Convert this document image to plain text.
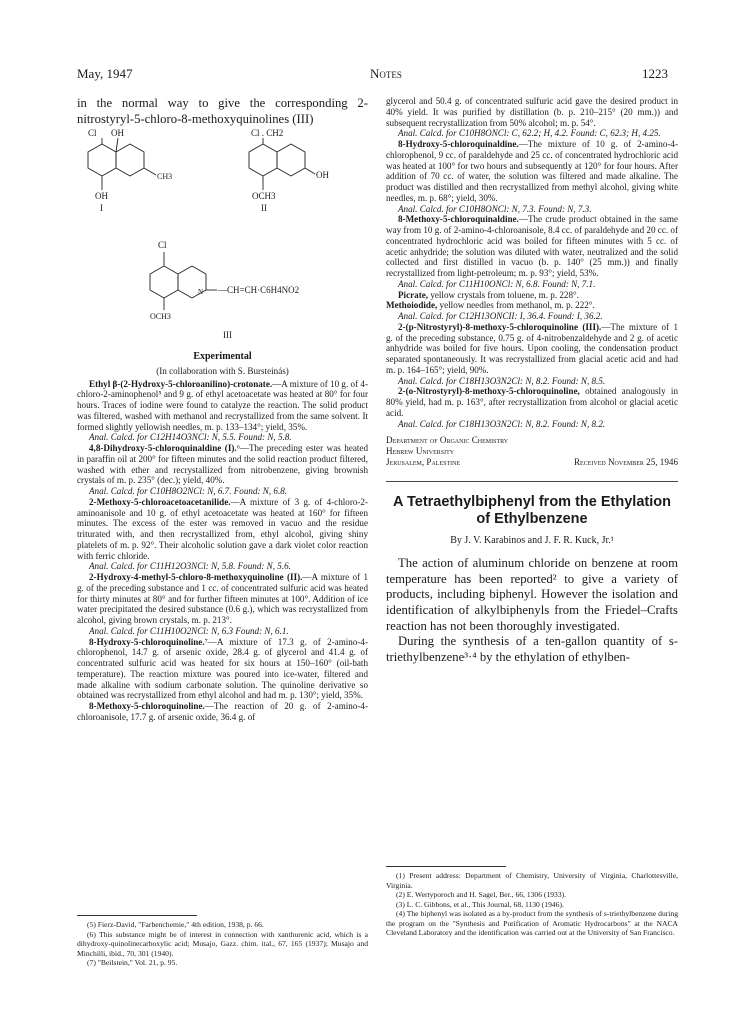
May, 1947	Notes	1223

in the normal way to give the corresponding 2-nitrostyryl-5-chloro-8-methoxyquinolines (III)

Cl OH
CH3
OH
I
Cl . CH2
OH
OCH3
II
Cl
N —CH=CH·C6H4NO2
OCH3
III

Experimental

(In collaboration with S. Bursteinás)

Ethyl β-(2-Hydroxy-5-chloroanilino)-crotonate.—A mixture of 10 g. of 4-chloro-2-aminophenol⁵ and 9 g. of ethyl acetoacetate was heated at 80° for four hours. Traces of iodine were found to catalyze the reaction. The solid product was filtered, washed with methanol and recrystallized from the same solvent. It formed slightly yellowish needles, m. p. 133–134°; yield, 35%.

Anal. Calcd. for C12H14O3NCl: N, 5.5. Found: N, 5.8.

4,8-Dihydroxy-5-chloroquinaldine (I).⁶—The preceding ester was heated in paraffin oil at 200° for fifteen minutes and the solid reaction product filtered, washed with ether and recrystallized from nitrobenzene, giving brownish crystals of m. p. 235° (dec.); yield, 40%.

Anal. Calcd. for C10H8O2NCl: N, 6.7. Found: N, 6.8.

2-Methoxy-5-chloroacetoacetanilide.—A mixture of 3 g. of 4-chloro-2-aminoanisole and 10 g. of ethyl acetoacetate was heated at 160° for fifteen minutes. The excess of the ester was removed in vacuo and the residue triturated with, and then recrystallized from, ethyl alcohol, giving shiny platelets of m. p. 92°. Their alcoholic solution gave a dark violet color reaction with ferric chloride.

Anal. Calcd. for C11H12O3NCl: N, 5.8. Found: N, 5.6.

2-Hydroxy-4-methyl-5-chloro-8-methoxyquinoline (II).—A mixture of 1 g. of the preceding substance and 1 cc. of concentrated sulfuric acid was heated for thirty minutes at 80° and for further fifteen minutes at 100°. Addition of ice water precipitated the desired substance (0.6 g.), which was recrystallized from alcohol, giving brown crystals, m. p. 213°.

Anal. Calcd. for C11H10O2NCl: N, 6.3 Found: N, 6.1.

8-Hydroxy-5-chloroquinoline.⁷—A mixture of 17.3 g. of 2-amino-4-chlorophenol, 14.7 g. of arsenic oxide, 28.4 g. of glycerol and 41.4 g. of concentrated sulfuric acid was heated for six hours at 150–160° (oil-bath temperature). The reaction mixture was poured into ice-water, filtered and made alkaline with sodium carbonate solution. The quinoline derivative so obtained was recrystallized from ethyl alcohol and had m. p. 130°; yield, 35%.

8-Methoxy-5-chloroquinoline.—The reaction of 20 g. of 2-amino-4-chloroanisole, 17.7 g. of arsenic oxide, 36.4 g. of

(5) Fierz-David, "Farbenchemie," 4th edition, 1938, p. 66.

(6) This substance might be of interest in connection with xanthurenic acid, which is a dihydroxy-quinolinecarboxylic acid; Musajo, Gazz. chim. ital., 67, 165 (1937); Musajo and Minchilli, ibid., 70, 301 (1940).

(7) "Beilstein," Vol. 21, p. 95.

glycerol and 50.4 g. of concentrated sulfuric acid gave the desired product in 40% yield. It was purified by distillation (b. p. 210–215° (20 mm.)) and subsequent recrystallization from 50% alcohol; m. p. 54°.

Anal. Calcd. for C10H8ONCl: C, 62.2; H, 4.2. Found: C, 62.3; H, 4.25.

8-Hydroxy-5-chloroquinaldine.—The mixture of 10 g. of 2-amino-4-chlorophenol, 9 cc. of paraldehyde and 25 cc. of concentrated hydrochloric acid was heated at 100° for two hours and subsequently at 120° for four hours. After addition of 70 cc. of water, the solution was filtered and made alkaline. The product was distilled and then recrystallized from methyl alcohol, giving white needles, m. p. 68°; yield, 30%.

Anal. Calcd. for C10H8ONCl: N, 7.3. Found: N, 7.3.

8-Methoxy-5-chloroquinaldine.—The crude product obtained in the same way from 10 g. of 2-amino-4-chloroanisole, 8.4 cc. of paraldehyde and 20 cc. of concentrated hydrochloric acid was boiled for fifteen minutes with 5 cc. of acetic anhydride; the solution was diluted with water, neutralized and the solid collected and first distilled in vacuo (b. p. 140° (25 mm.)) and finally recrystallized from light-petroleum; m. p. 93°; yield, 53%.

Anal. Calcd. for C11H10ONCl: N, 6.8. Found: N, 7.1.

Picrate, yellow crystals from toluene, m. p. 228°.

Methoiodide, yellow needles from methanol, m. p. 222°.

Anal. Calcd. for C12H13ONCII: I, 36.4. Found: I, 36.2.

2-(p-Nitrostyryl)-8-methoxy-5-chloroquinoline (III).—The mixture of 1 g. of the preceding substance, 0.75 g. of 4-nitrobenzaldehyde and 2 g. of acetic anhydride was boiled for five hours. Upon cooling, the condensation product separated spontaneously. It was recrystallized from glacial acetic acid and had m. p. 164–165°; yield, 90%.

Anal. Calcd. for C18H13O3N2Cl: N, 8.2. Found: N, 8.5.

2-(o-Nitrostyryl)-8-methoxy-5-chloroquinoline, obtained analogously in 80% yield, had m. p. 163°, after recrystallization from alcohol or glacial acetic acid.

Anal. Calcd. for C18H13O3N2Cl: N, 8.2. Found: N, 8.2.

Department of Organic Chemistry

Hebrew University

Jerusalem, Palestine	Received November 25, 1946

A Tetraethylbiphenyl from the Ethylation of Ethylbenzene

By J. V. Karabinos and J. F. R. Kuck, Jr.¹

The action of aluminum chloride on benzene at room temperature has been reported² to give a variety of products, including biphenyl. However the isolation and identification of alkylbiphenyls from the Friedel–Crafts reaction has not been thoroughly investigated.

During the synthesis of a ten-gallon quantity of s-triethylbenzene³·⁴ by the ethylation of ethylben-

(1) Present address: Department of Chemistry, University of Virginia, Charlottesville, Virginia.

(2) E. Wertyporoch and H. Sagel, Ber., 66, 1306 (1933).

(3) L. C. Gibbons, et al., This Journal, 68, 1130 (1946).

(4) The biphenyl was isolated as a by-product from the synthesis of s-triethylbenzene during the program on the "Synthesis and Purification of Aromatic Hydrocarbons" at the NACA Cleveland Laboratory and the identification was carried out at the University of San Francisco.
